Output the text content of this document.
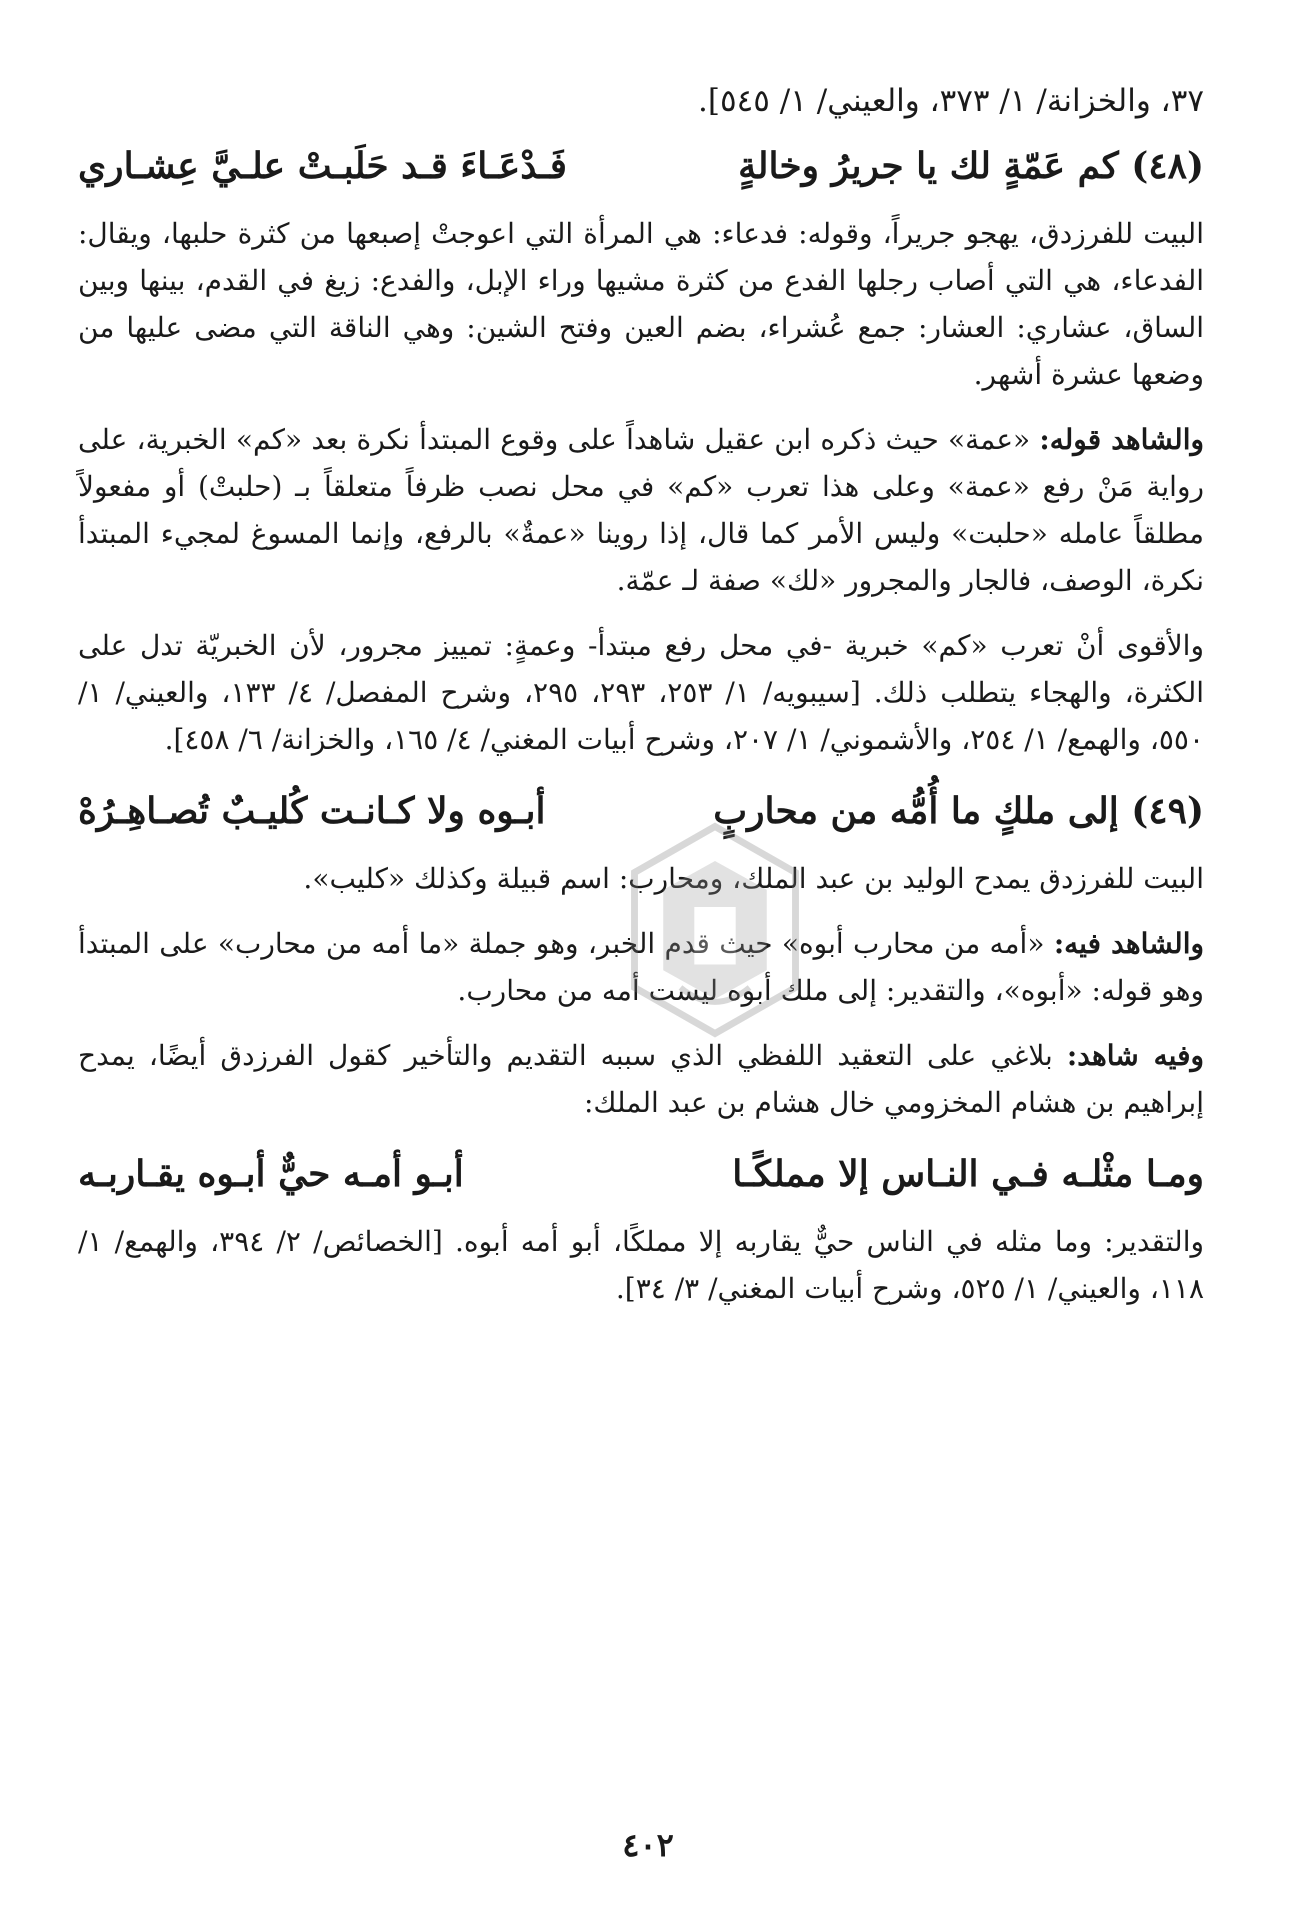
٣٧، والخزانة/ ١/ ٣٧٣، والعيني/ ١/ ٥٤٥].

(٤٨) كم عَمّةٍ لك يا جريرُ وخالةٍ
فَـدْعَـاءَ قـد حَلَبـتْ علـيَّ عِشـاري

البيت للفرزدق، يهجو جريراً، وقوله: فدعاء: هي المرأة التي اعوجتْ إصبعها من كثرة حلبها، ويقال: الفدعاء، هي التي أصاب رجلها الفدع من كثرة مشيها وراء الإبل، والفدع: زيغ في القدم، بينها وبين الساق، عشاري: العشار: جمع عُشراء، بضم العين وفتح الشين: وهي الناقة التي مضى عليها من وضعها عشرة أشهر.

والشاهد قوله: «عمة» حيث ذكره ابن عقيل شاهداً على وقوع المبتدأ نكرة بعد «كم» الخبرية، على رواية مَنْ رفع «عمة» وعلى هذا تعرب «كم» في محل نصب ظرفاً متعلقاً بـ (حلبتْ) أو مفعولاً مطلقاً عامله «حلبت» وليس الأمر كما قال، إذا روينا «عمةٌ» بالرفع، وإنما المسوغ لمجيء المبتدأ نكرة، الوصف، فالجار والمجرور «لك» صفة لـ عمّة.

والأقوى أنْ تعرب «كم» خبرية -في محل رفع مبتدأ- وعمةٍ: تمييز مجرور، لأن الخبريّة تدل على الكثرة، والهجاء يتطلب ذلك. [سيبويه/ ١/ ٢٥٣، ٢٩٣، ٢٩٥، وشرح المفصل/ ٤/ ١٣٣، والعيني/ ١/ ٥٥٠، والهمع/ ١/ ٢٥٤، والأشموني/ ١/ ٢٠٧، وشرح أبيات المغني/ ٤/ ١٦٥، والخزانة/ ٦/ ٤٥٨].

(٤٩) إلى ملكٍ ما أُمُّه من محاربٍ
أبـوه ولا كـانـت كُليـبٌ تُصـاهِـرُهْ

البيت للفرزدق يمدح الوليد بن عبد الملك، ومحارب: اسم قبيلة وكذلك «كليب».

والشاهد فيه: «أمه من محارب أبوه» حيث قدم الخبر، وهو جملة «ما أمه من محارب» على المبتدأ وهو قوله: «أبوه»، والتقدير: إلى ملك أبوه ليست أمه من محارب.

وفيه شاهد: بلاغي على التعقيد اللفظي الذي سببه التقديم والتأخير كقول الفرزدق أيضًا، يمدح إبراهيم بن هشام المخزومي خال هشام بن عبد الملك:

ومـا مثْلـه فـي النـاس إلا مملكًـا
أبـو أمـه حيٌّ أبـوه يقـاربـه

والتقدير: وما مثله في الناس حيٌّ يقاربه إلا مملكًا، أبو أمه أبوه. [الخصائص/ ٢/ ٣٩٤، والهمع/ ١/ ١١٨، والعيني/ ١/ ٥٢٥، وشرح أبيات المغني/ ٣/ ٣٤].

٤٠٢
